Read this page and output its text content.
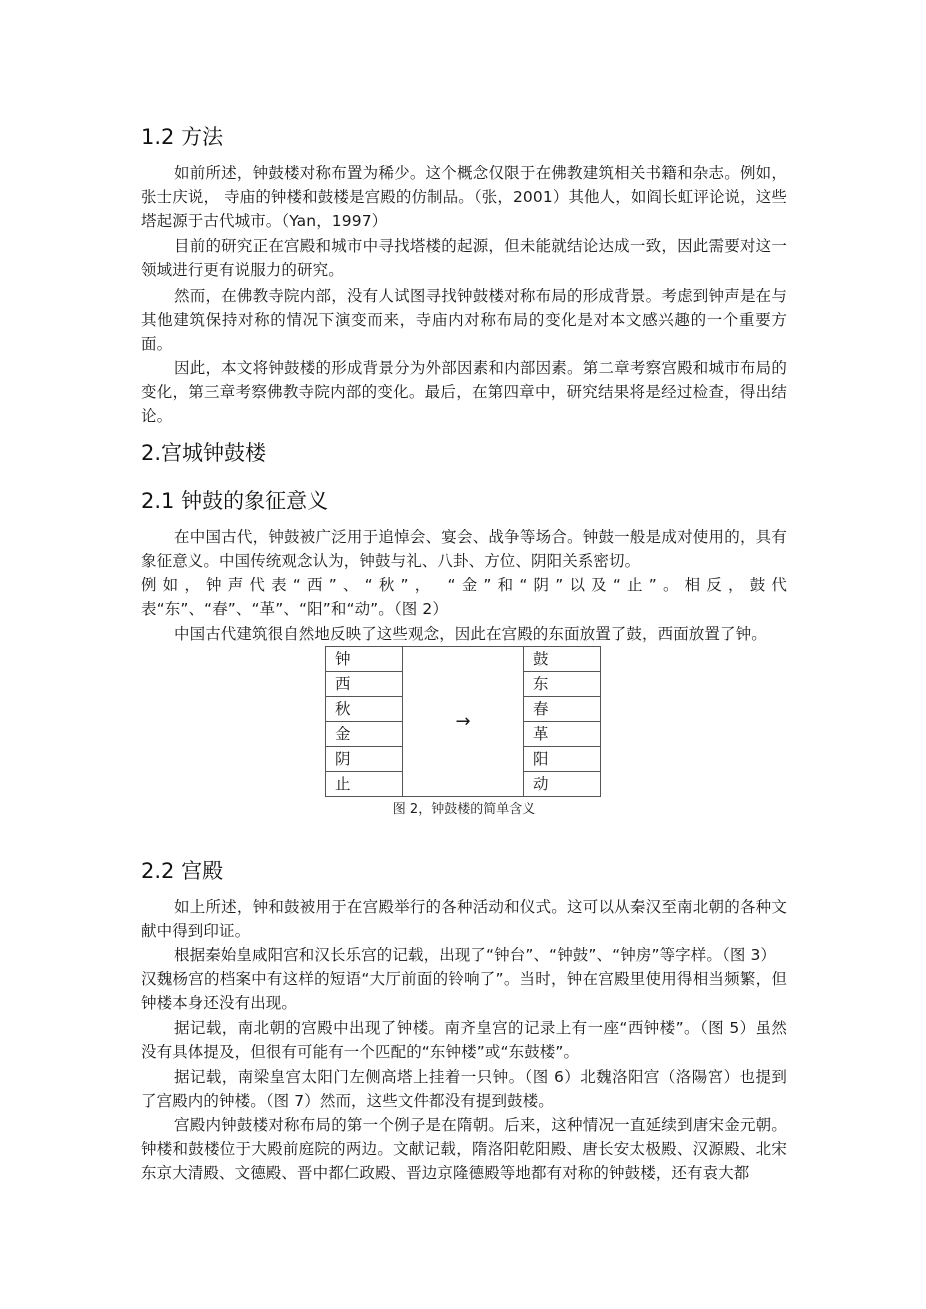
1.2 方法

如前所述，钟鼓楼对称布置为稀少。这个概念仅限于在佛教建筑相关书籍和杂志。例如，张士庆说， 寺庙的钟楼和鼓楼是宫殿的仿制品。（张，2001）其他人，如阎长虹评论说，这些塔起源于古代城市。（Yan，1997）

目前的研究正在宫殿和城市中寻找塔楼的起源，但未能就结论达成一致，因此需要对这一领域进行更有说服力的研究。

然而，在佛教寺院内部，没有人试图寻找钟鼓楼对称布局的形成背景。考虑到钟声是在与其他建筑保持对称的情况下演变而来，寺庙内对称布局的变化是对本文感兴趣的一个重要方面。

因此，本文将钟鼓楼的形成背景分为外部因素和内部因素。第二章考察宫殿和城市布局的变化，第三章考察佛教寺院内部的变化。最后，在第四章中，研究结果将是经过检查，得出结论。

2.宫城钟鼓楼
2.1 钟鼓的象征意义

在中国古代，钟鼓被广泛用于追悼会、宴会、战争等场合。钟鼓一般是成对使用的，具有象征意义。中国传统观念认为，钟鼓与礼、八卦、方位、阴阳关系密切。

例如，钟声代表“西”、“秋”， “金”和“阴”以及“止”。相反，鼓代表“东”、“春”、“革”、“阳”和“动”。（图 2）

中国古代建筑很自然地反映了这些观念，因此在宫殿的东面放置了鼓，西面放置了钟。

钟	→	鼓
西		东
秋		春
金		革
阴		阳
止		动
图 2，钟鼓楼的简单含义
2.2 宫殿

如上所述，钟和鼓被用于在宫殿举行的各种活动和仪式。这可以从秦汉至南北朝的各种文献中得到印证。

根据秦始皇咸阳宫和汉长乐宫的记载，出现了“钟台”、“钟鼓”、“钟房”等字样。（图 3）

汉魏杨宫的档案中有这样的短语“大厅前面的铃响了”。当时，钟在宫殿里使用得相当频繁，但钟楼本身还没有出现。

据记载，南北朝的宫殿中出现了钟楼。南齐皇宫的记录上有一座“西钟楼”。（图 5）虽然没有具体提及，但很有可能有一个匹配的“东钟楼”或“东鼓楼”。

据记载，南梁皇宫太阳门左侧高塔上挂着一只钟。（图 6）北魏洛阳宫（洛陽宮）也提到了宫殿内的钟楼。（图 7）然而，这些文件都没有提到鼓楼。

宫殿内钟鼓楼对称布局的第一个例子是在隋朝。后来，这种情况一直延续到唐宋金元朝。钟楼和鼓楼位于大殿前庭院的两边。文献记载，隋洛阳乾阳殿、唐长安太极殿、汉源殿、北宋东京大清殿、文德殿、晋中都仁政殿、晋边京隆德殿等地都有对称的钟鼓楼，还有袁大都
